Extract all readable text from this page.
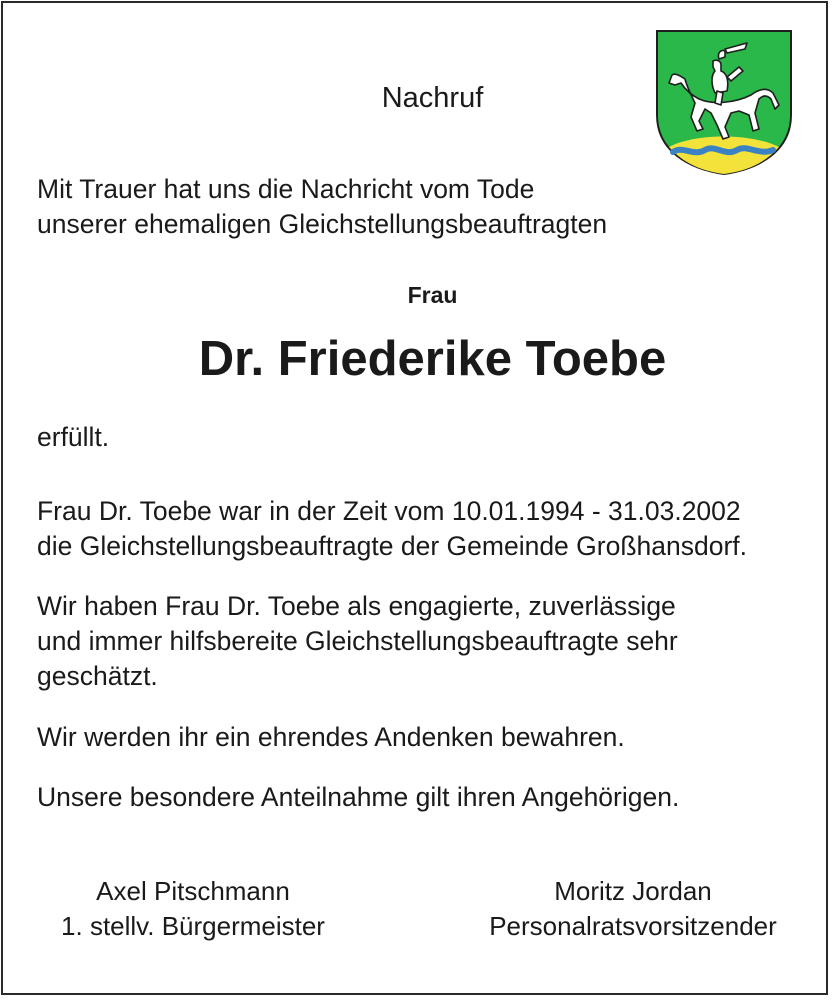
Nachruf
Mit Trauer hat uns die Nachricht vom Tode
unserer ehemaligen Gleichstellungsbeauftragten
Frau
Dr. Friederike Toebe
erfüllt.
Frau Dr. Toebe war in der Zeit vom 10.01.1994 - 31.03.2002
die Gleichstellungsbeauftragte der Gemeinde Großhansdorf.
Wir haben Frau Dr. Toebe als engagierte, zuverlässige
und immer hilfsbereite Gleichstellungsbeauftragte sehr
geschätzt.
Wir werden ihr ein ehrendes Andenken bewahren.
Unsere besondere Anteilnahme gilt ihren Angehörigen.
Axel Pitschmann
1. stellv. Bürgermeister
Moritz Jordan
Personalratsvorsitzender
